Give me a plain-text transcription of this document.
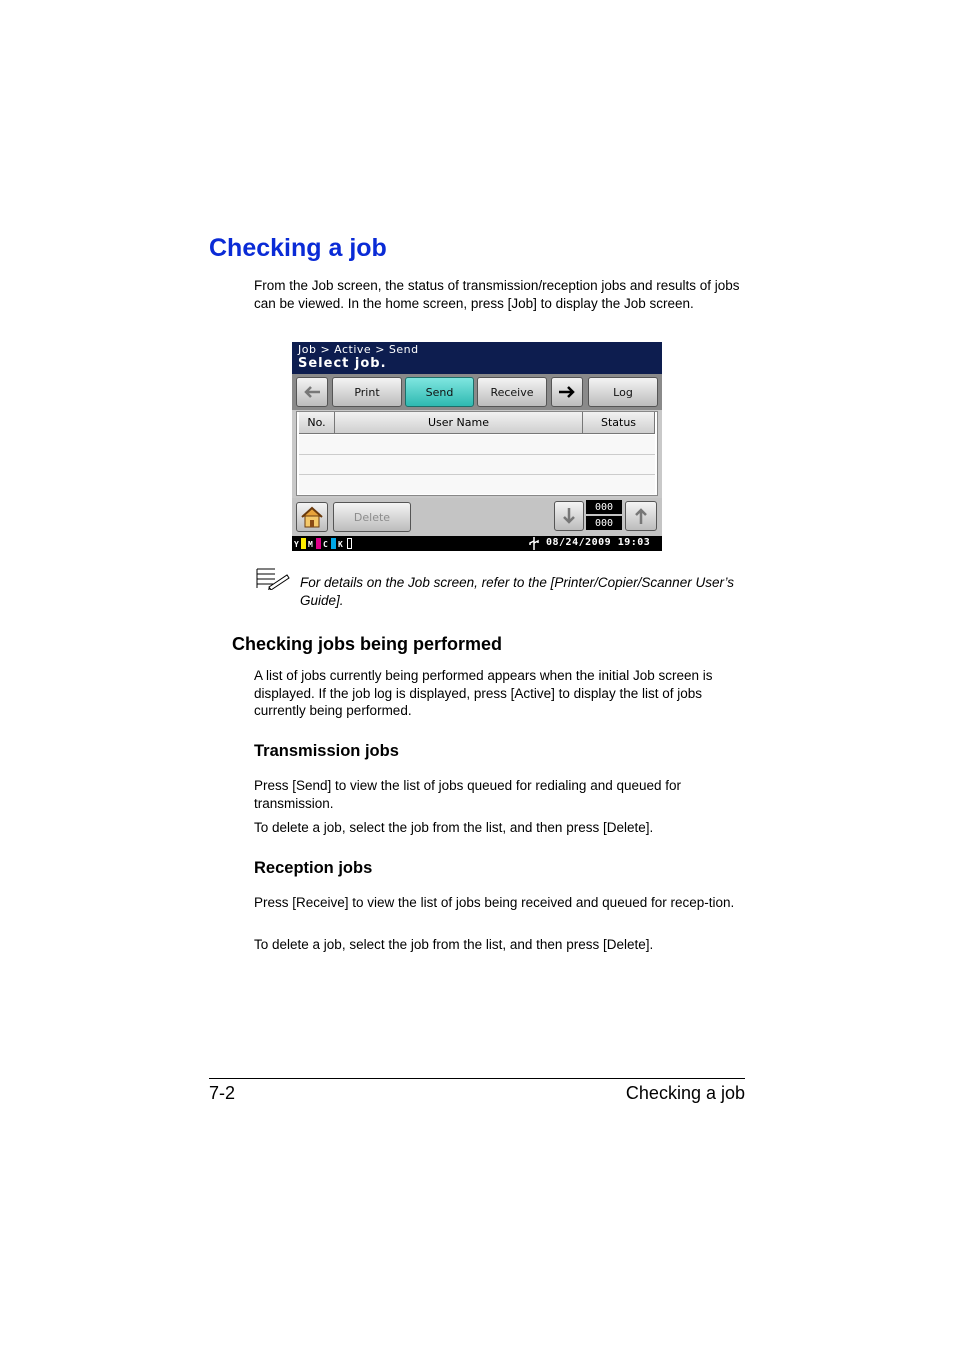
Checking a job
From the Job screen, the status of transmission/reception jobs and results of jobs can be viewed. In the home screen, press [Job] to display the Job screen.
Job > Active > Send
Select job.
Print	Send	Receive	Log
No.	User Name	Status
Delete
000
000
Y M C K	08/24/2009 19:03
For details on the Job screen, refer to the [Printer/Copier/Scanner User’s Guide].
Checking jobs being performed
A list of jobs currently being performed appears when the initial Job screen is displayed. If the job log is displayed, press [Active] to display the list of jobs currently being performed.
Transmission jobs
Press [Send] to view the list of jobs queued for redialing and queued for transmission.
To delete a job, select the job from the list, and then press [Delete].
Reception jobs
Press [Receive] to view the list of jobs being received and queued for recep-tion.
To delete a job, select the job from the list, and then press [Delete].
7-2	Checking a job
